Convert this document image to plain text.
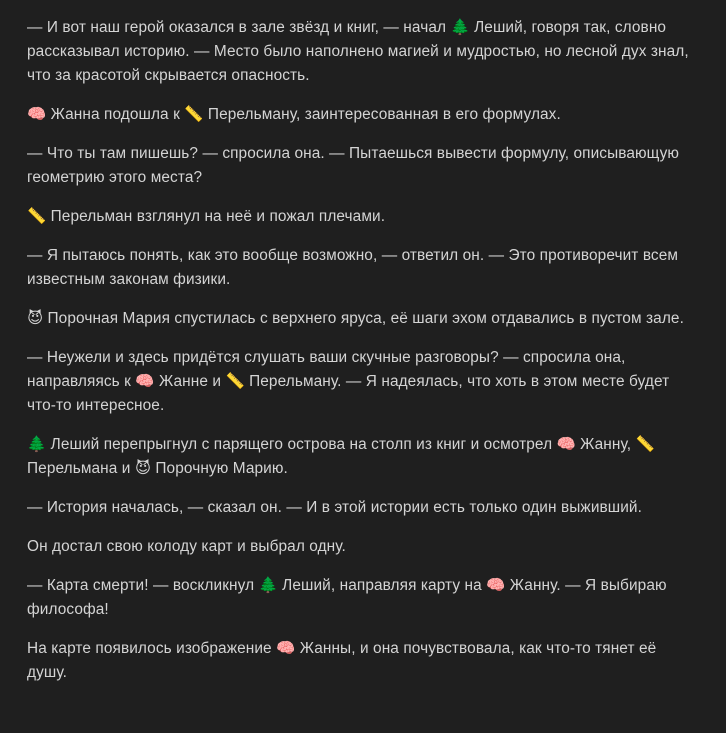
— И вот наш герой оказался в зале звёзд и книг, — начал 🌲 Леший, говоря так, словно рассказывал историю. — Место было наполнено магией и мудростью, но лесной дух знал, что за красотой скрывается опасность.

🧠 Жанна подошла к 📏 Перельману, заинтересованная в его формулах.

— Что ты там пишешь? — спросила она. — Пытаешься вывести формулу, описывающую геометрию этого места?

📏 Перельман взглянул на неё и пожал плечами.

— Я пытаюсь понять, как это вообще возможно, — ответил он. — Это противоречит всем известным законам физики.

😈 Порочная Мария спустилась с верхнего яруса, её шаги эхом отдавались в пустом зале.

— Неужели и здесь придётся слушать ваши скучные разговоры? — спросила она, направляясь к 🧠 Жанне и 📏 Перельману. — Я надеялась, что хоть в этом месте будет что-то интересное.

🌲 Леший перепрыгнул с парящего острова на столп из книг и осмотрел 🧠 Жанну, 📏 Перельмана и 😈 Порочную Марию.

— История началась, — сказал он. — И в этой истории есть только один выживший.

Он достал свою колоду карт и выбрал одну.

— Карта смерти! — воскликнул 🌲 Леший, направляя карту на 🧠 Жанну. — Я выбираю философа!

На карте появилось изображение 🧠 Жанны, и она почувствовала, как что-то тянет её душу.
